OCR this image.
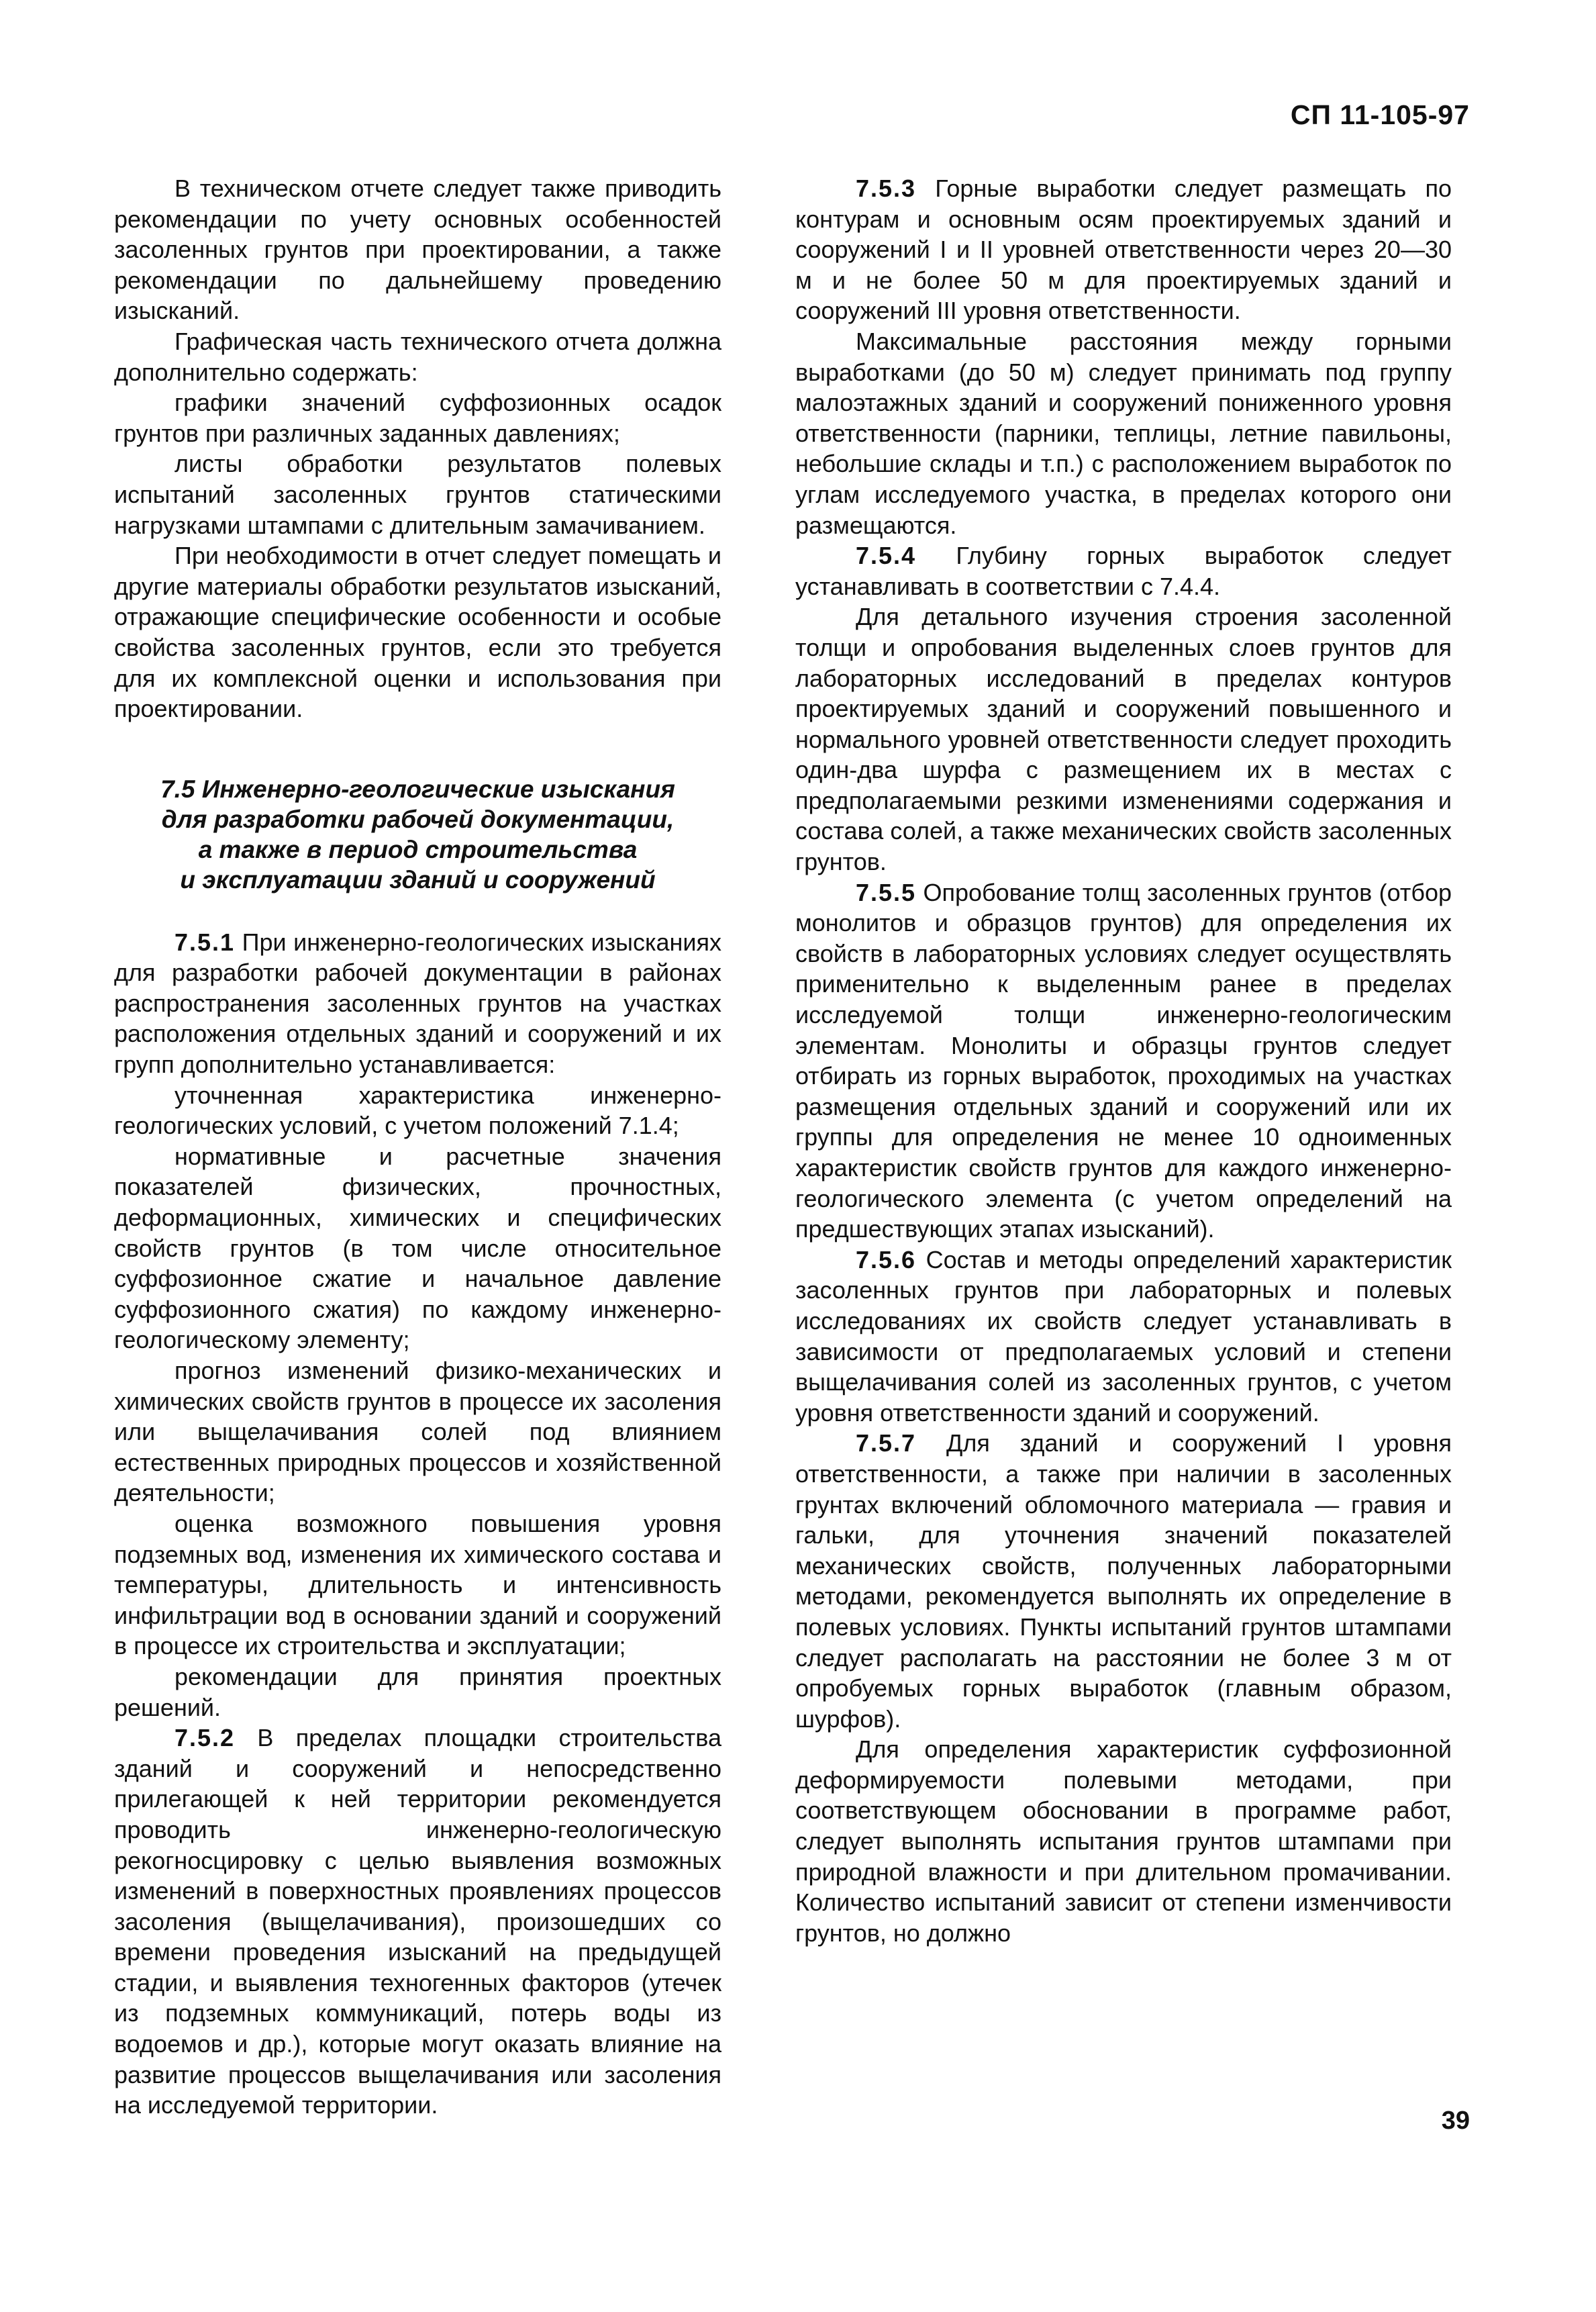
СП 11-105-97

В техническом отчете следует также приводить рекомендации по учету основных особенностей засоленных грунтов при проектировании, а также рекомендации по дальнейшему проведению изысканий.

Графическая часть технического отчета должна дополнительно содержать:

графики значений суффозионных осадок грунтов при различных заданных давлениях;

листы обработки результатов полевых испытаний засоленных грунтов статическими нагрузками штампами с длительным замачиванием.

При необходимости в отчет следует помещать и другие материалы обработки результатов изысканий, отражающие специфические особенности и особые свойства засоленных грунтов, если это требуется для их комплексной оценки и использования при проектировании.

7.5 Инженерно-геологические изыскания
для разработки рабочей документации,
а также в период строительства
и эксплуатации зданий и сооружений

7.5.1 При инженерно-геологических изысканиях для разработки рабочей документации в районах распространения засоленных грунтов на участках расположения отдельных зданий и сооружений и их групп дополнительно устанавливается:

уточненная характеристика инженерно-геологических условий, с учетом положений 7.1.4;

нормативные и расчетные значения показателей физических, прочностных, деформационных, химических и специфических свойств грунтов (в том числе относительное суффозионное сжатие и начальное давление суффозионного сжатия) по каждому инженерно-геологическому элементу;

прогноз изменений физико-механических и химических свойств грунтов в процессе их засоления или выщелачивания солей под влиянием естественных природных процессов и хозяйственной деятельности;

оценка возможного повышения уровня подземных вод, изменения их химического состава и температуры, длительность и интенсивность инфильтрации вод в основании зданий и сооружений в процессе их строительства и эксплуатации;

рекомендации для принятия проектных решений.

7.5.2 В пределах площадки строительства зданий и сооружений и непосредственно прилегающей к ней территории рекомендуется проводить инженерно-геологическую рекогносцировку с целью выявления возможных изменений в поверхностных проявлениях процессов засоления (выщелачивания), произошедших со времени проведения изысканий на предыдущей стадии, и выявления техногенных факторов (утечек из подземных коммуникаций, потерь воды из водоемов и др.), которые могут оказать влияние на развитие процессов выщелачивания или засоления на исследуемой территории.

7.5.3 Горные выработки следует размещать по контурам и основным осям проектируемых зданий и сооружений I и II уровней ответственности через 20—30 м и не более 50 м для проектируемых зданий и сооружений III уровня ответственности.

Максимальные расстояния между горными выработками (до 50 м) следует принимать под группу малоэтажных зданий и сооружений пониженного уровня ответственности (парники, теплицы, летние павильоны, небольшие склады и т.п.) с расположением выработок по углам исследуемого участка, в пределах которого они размещаются.

7.5.4 Глубину горных выработок следует устанавливать в соответствии с 7.4.4.

Для детального изучения строения засоленной толщи и опробования выделенных слоев грунтов для лабораторных исследований в пределах контуров проектируемых зданий и сооружений повышенного и нормального уровней ответственности следует проходить один-два шурфа с размещением их в местах с предполагаемыми резкими изменениями содержания и состава солей, а также механических свойств засоленных грунтов.

7.5.5 Опробование толщ засоленных грунтов (отбор монолитов и образцов грунтов) для определения их свойств в лабораторных условиях следует осуществлять применительно к выделенным ранее в пределах исследуемой толщи инженерно-геологическим элементам. Монолиты и образцы грунтов следует отбирать из горных выработок, проходимых на участках размещения отдельных зданий и сооружений или их группы для определения не менее 10 одноименных характеристик свойств грунтов для каждого инженерно-геологического элемента (с учетом определений на предшествующих этапах изысканий).

7.5.6 Состав и методы определений характеристик засоленных грунтов при лабораторных и полевых исследованиях их свойств следует устанавливать в зависимости от предполагаемых условий и степени выщелачивания солей из засоленных грунтов, с учетом уровня ответственности зданий и сооружений.

7.5.7 Для зданий и сооружений I уровня ответственности, а также при наличии в засоленных грунтах включений обломочного материала — гравия и гальки, для уточнения значений показателей механических свойств, полученных лабораторными методами, рекомендуется выполнять их определение в полевых условиях. Пункты испытаний грунтов штампами следует располагать на расстоянии не более 3 м от опробуемых горных выработок (главным образом, шурфов).

Для определения характеристик суффозионной деформируемости полевыми методами, при соответствующем обосновании в программе работ, следует выполнять испытания грунтов штампами при природной влажности и при длительном промачивании. Количество испытаний зависит от степени изменчивости грунтов, но должно

39
